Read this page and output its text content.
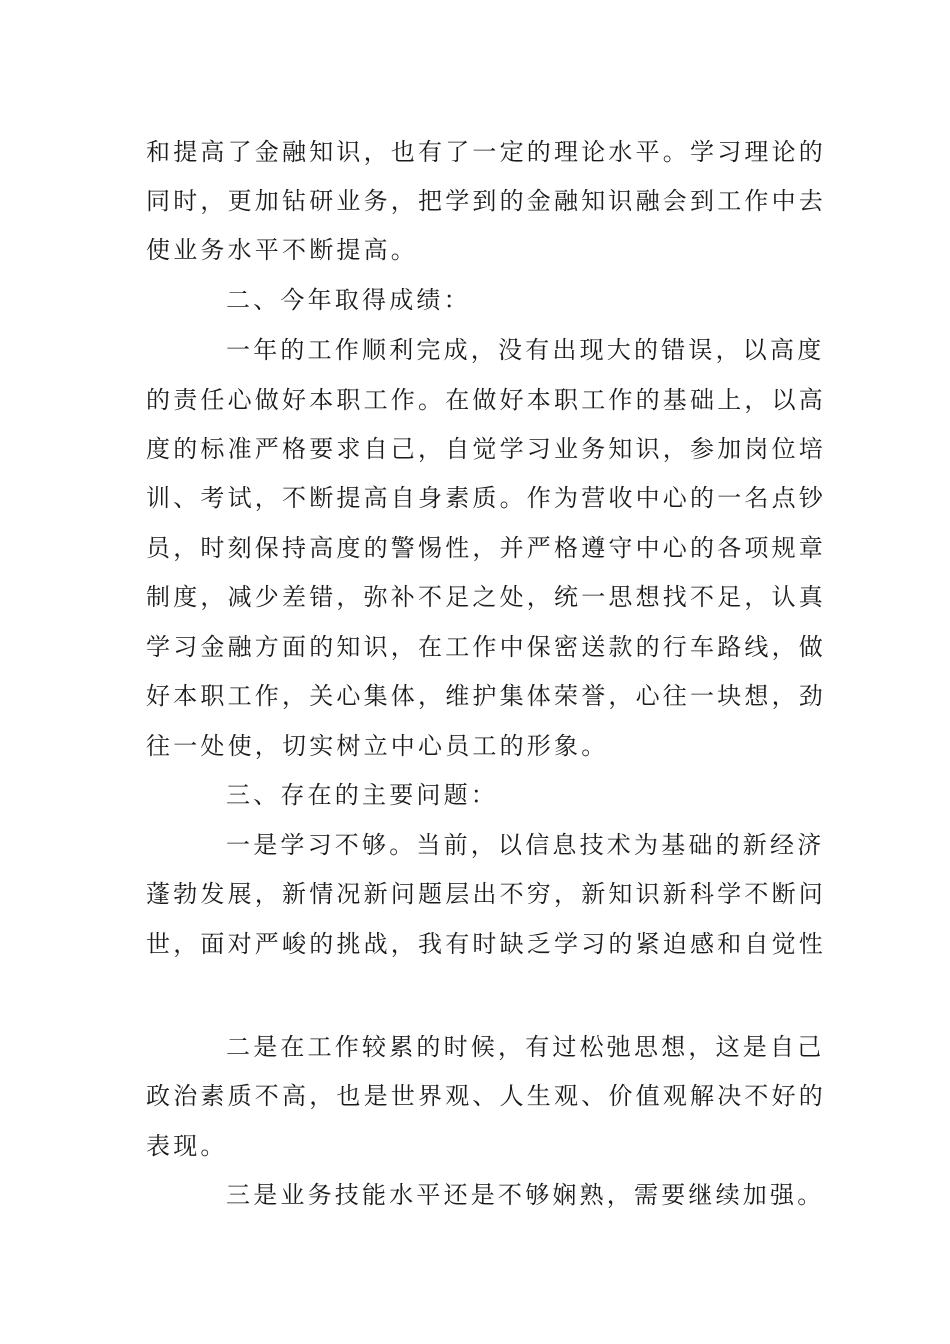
和提高了金融知识，也有了一定的理论水平。学习理论的

同时，更加钻研业务，把学到的金融知识融会到工作中去

使业务水平不断提高。

二、今年取得成绩：

一年的工作顺利完成，没有出现大的错误，以高度

的责任心做好本职工作。在做好本职工作的基础上，以高

度的标准严格要求自己，自觉学习业务知识，参加岗位培

训、考试，不断提高自身素质。作为营收中心的一名点钞

员，时刻保持高度的警惕性，并严格遵守中心的各项规章

制度，减少差错，弥补不足之处，统一思想找不足，认真

学习金融方面的知识，在工作中保密送款的行车路线，做

好本职工作，关心集体，维护集体荣誉，心往一块想，劲

往一处使，切实树立中心员工的形象。

三、存在的主要问题：

一是学习不够。当前，以信息技术为基础的新经济

蓬勃发展，新情况新问题层出不穷，新知识新科学不断问

世，面对严峻的挑战，我有时缺乏学习的紧迫感和自觉性

二是在工作较累的时候，有过松弛思想，这是自己

政治素质不高，也是世界观、人生观、价值观解决不好的

表现。

三是业务技能水平还是不够娴熟，需要继续加强。
